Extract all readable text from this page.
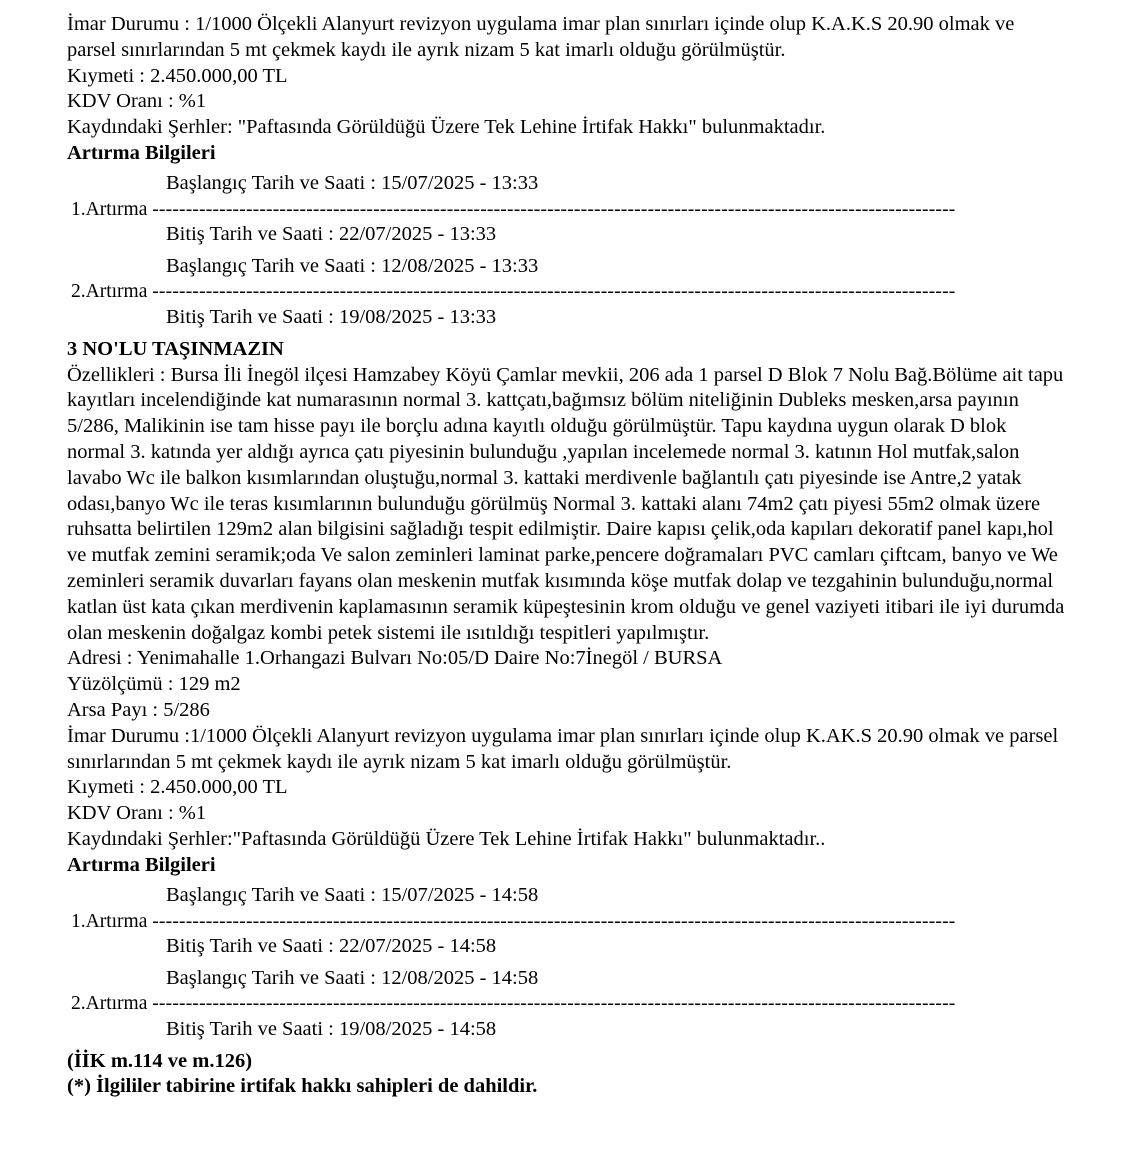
İmar Durumu : 1/1000 Ölçekli Alanyurt revizyon uygulama imar plan sınırları içinde olup K.A.K.S 20.90 olmak ve parsel sınırlarından 5 mt çekmek kaydı ile ayrık nizam 5 kat imarlı olduğu görülmüştür.

Kıymeti : 2.450.000,00 TL

KDV Oranı : %1

Kaydındaki Şerhler: "Paftasında Görüldüğü Üzere Tek Lehine İrtifak Hakkı" bulunmaktadır.

Artırma Bilgileri

Başlangıç Tarih ve Saati : 15/07/2025 - 13:33
1.Artırma ------------------------------------------------------------------------------------------------------------------------
Bitiş Tarih ve Saati : 22/07/2025 - 13:33
Başlangıç Tarih ve Saati : 12/08/2025 - 13:33
2.Artırma ------------------------------------------------------------------------------------------------------------------------
Bitiş Tarih ve Saati : 19/08/2025 - 13:33

3 NO'LU TAŞINMAZIN

Özellikleri : Bursa İli İnegöl ilçesi Hamzabey Köyü Çamlar mevkii, 206 ada 1 parsel D Blok 7 Nolu Bağ.Bölüme ait tapu kayıtları incelendiğinde kat numarasının normal 3. kattçatı,bağımsız bölüm niteliğinin Dubleks mesken,arsa payının 5/286, Malikinin ise tam hisse payı ile borçlu adına kayıtlı olduğu görülmüştür. Tapu kaydına uygun olarak D blok normal 3. katında yer aldığı ayrıca çatı piyesinin bulunduğu ,yapılan incelemede normal 3. katının Hol mutfak,salon lavabo Wc ile balkon kısımlarından oluştuğu,normal 3. kattaki merdivenle bağlantılı çatı piyesinde ise Antre,2 yatak odası,banyo Wc ile teras kısımlarının bulunduğu görülmüş Normal 3. kattaki alanı 74m2 çatı piyesi 55m2 olmak üzere ruhsatta belirtilen 129m2 alan bilgisini sağladığı tespit edilmiştir. Daire kapısı çelik,oda kapıları dekoratif panel kapı,hol ve mutfak zemini seramik;oda Ve salon zeminleri laminat parke,pencere doğramaları PVC camları çiftcam, banyo ve We zeminleri seramik duvarları fayans olan meskenin mutfak kısımında köşe mutfak dolap ve tezgahinin bulunduğu,normal katlan üst kata çıkan merdivenin kaplamasının seramik küpeştesinin krom olduğu ve genel vaziyeti itibari ile iyi durumda olan meskenin doğalgaz kombi petek sistemi ile ısıtıldığı tespitleri yapılmıştır.

Adresi : Yenimahalle 1.Orhangazi Bulvarı No:05/D Daire No:7İnegöl / BURSA

Yüzölçümü : 129 m2

Arsa Payı : 5/286

İmar Durumu :1/1000 Ölçekli Alanyurt revizyon uygulama imar plan sınırları içinde olup K.AK.S 20.90 olmak ve parsel sınırlarından 5 mt çekmek kaydı ile ayrık nizam 5 kat imarlı olduğu görülmüştür.

Kıymeti : 2.450.000,00 TL

KDV Oranı : %1

Kaydındaki Şerhler:"Paftasında Görüldüğü Üzere Tek Lehine İrtifak Hakkı" bulunmaktadır..

Artırma Bilgileri

Başlangıç Tarih ve Saati : 15/07/2025 - 14:58
1.Artırma ------------------------------------------------------------------------------------------------------------------------
Bitiş Tarih ve Saati : 22/07/2025 - 14:58
Başlangıç Tarih ve Saati : 12/08/2025 - 14:58
2.Artırma ------------------------------------------------------------------------------------------------------------------------
Bitiş Tarih ve Saati : 19/08/2025 - 14:58

(İİK m.114 ve m.126)

(*) İlgililer tabirine irtifak hakkı sahipleri de dahildir.
